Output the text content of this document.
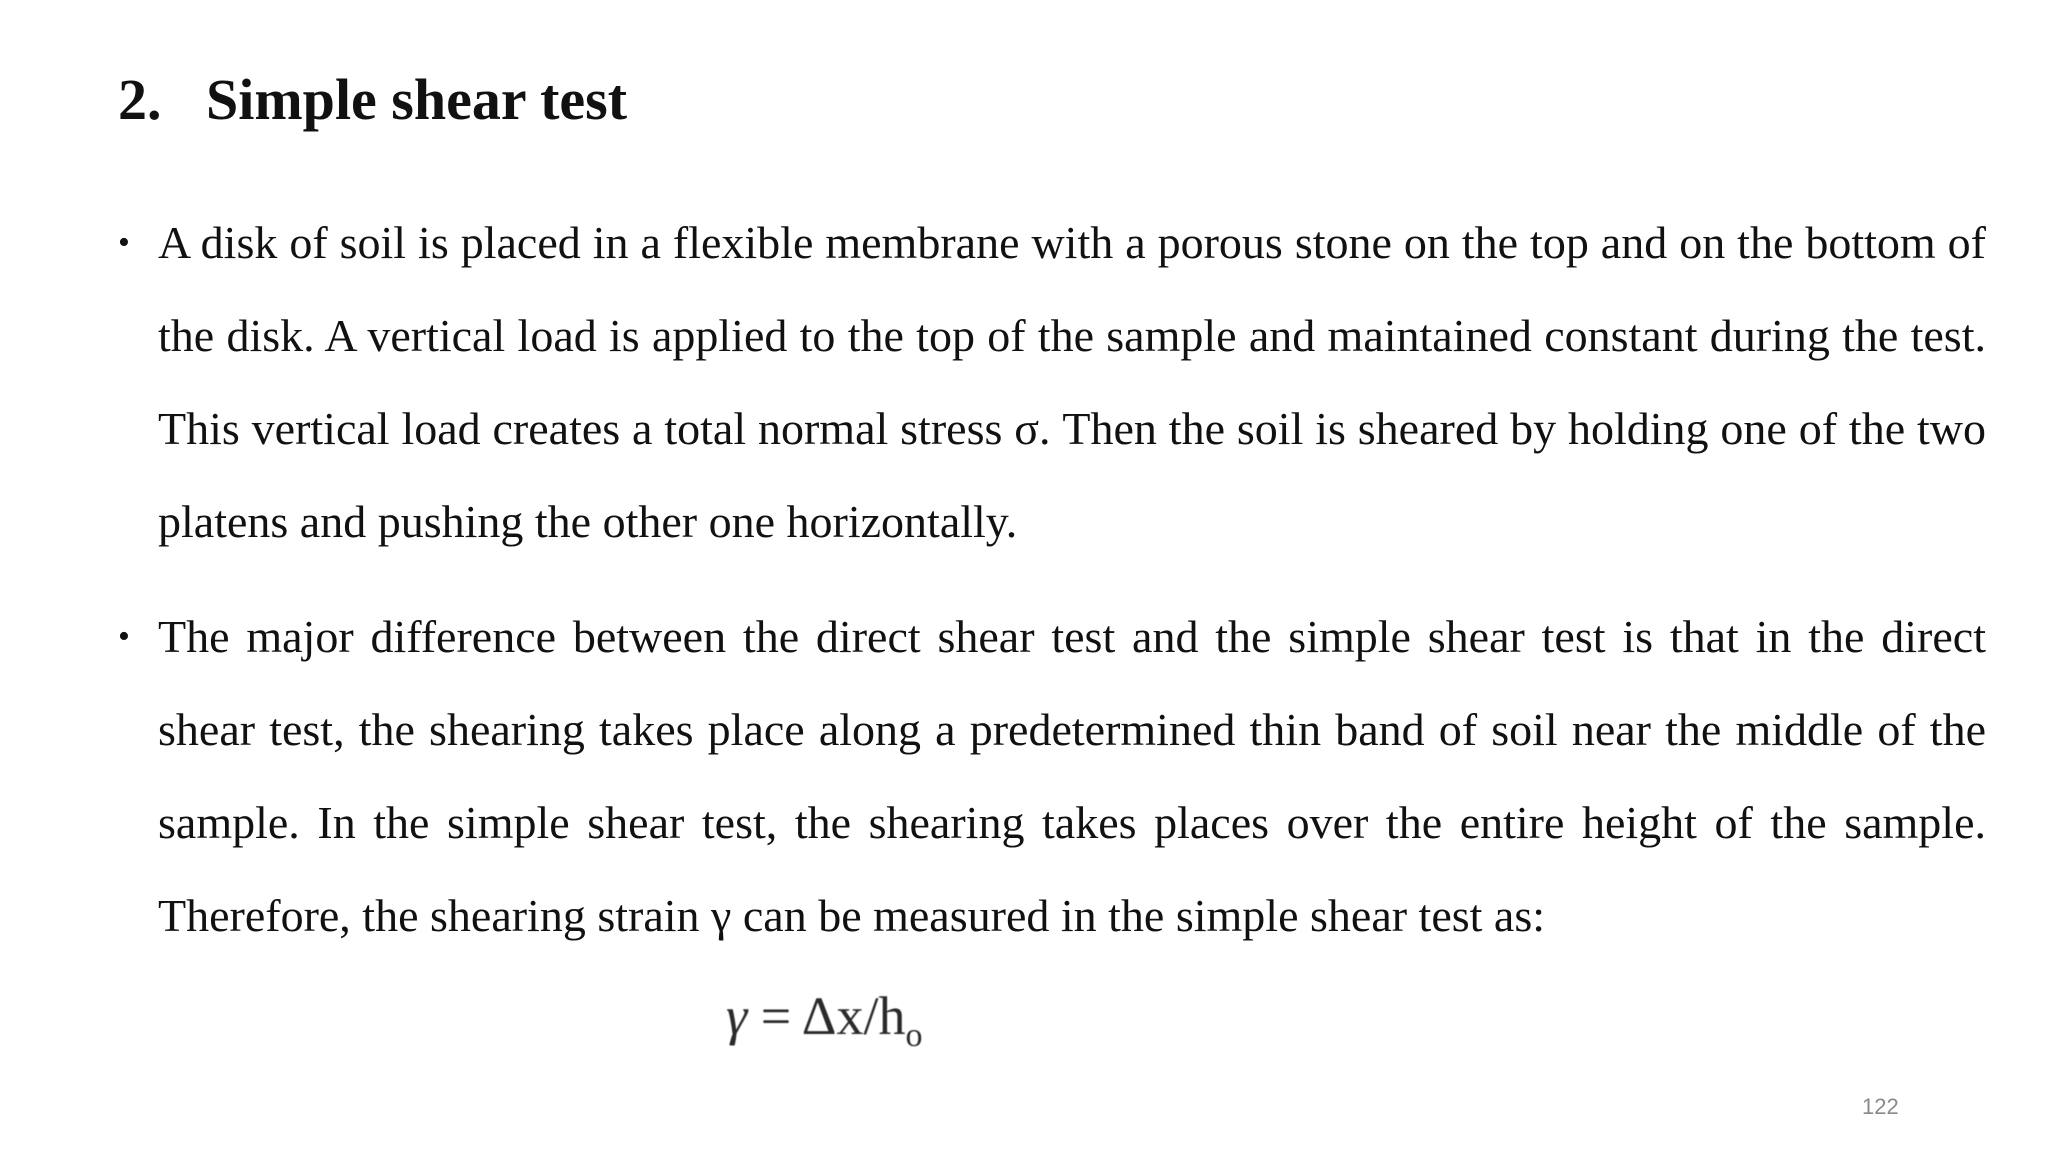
2. Simple shear test
• A disk of soil is placed in a flexible membrane with a porous stone on the top and on the bottom of the disk. A vertical load is applied to the top of the sample and maintained constant during the test. This vertical load creates a total normal stress σ. Then the soil is sheared by holding one of the two platens and pushing the other one horizontally.
• The major difference between the direct shear test and the simple shear test is that in the direct shear test, the shearing takes place along a predetermined thin band of soil near the middle of the sample. In the simple shear test, the shearing takes places over the entire height of the sample. Therefore, the shearing strain γ can be measured in the simple shear test as:
$\gamma = \Delta x/h_o$
122
